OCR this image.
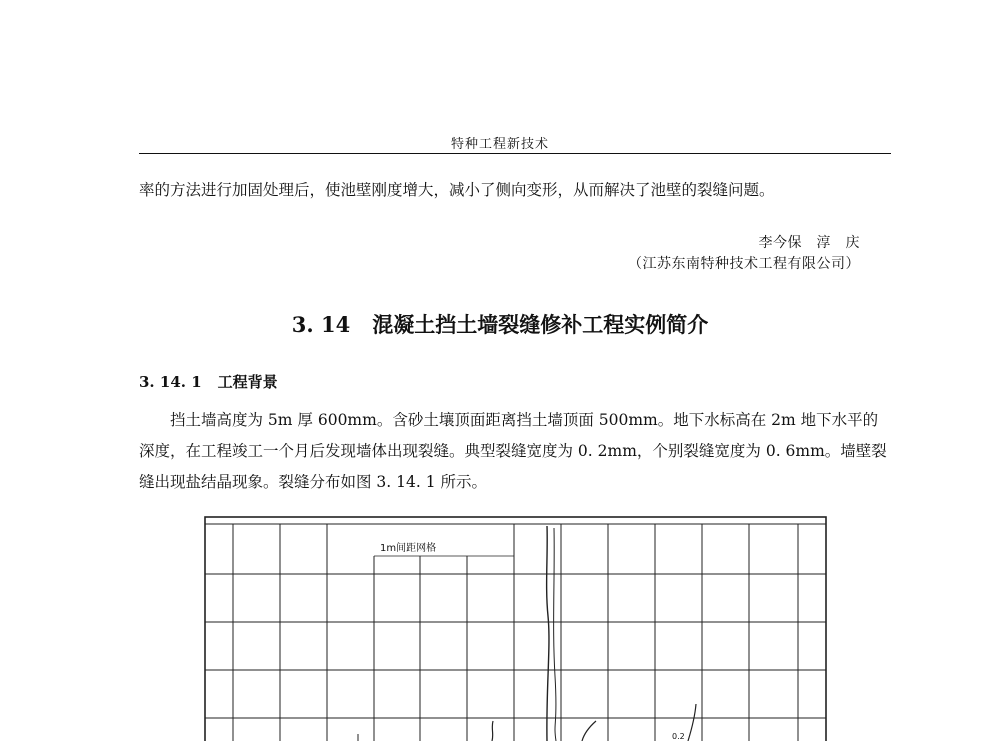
特种工程新技术

率的方法进行加固处理后，使池壁刚度增大，减小了侧向变形，从而解决了池壁的裂缝问题。

李今保　淳　庆
（江苏东南特种技术工程有限公司）
3. 14 混凝土挡土墙裂缝修补工程实例简介
3. 14. 1 工程背景

挡土墙高度为 5m 厚 600mm。含砂土壤顶面距离挡土墙顶面 500mm。地下水标高在 2m 地下水平的深度，在工程竣工一个月后发现墙体出现裂缝。典型裂缝宽度为 0. 2mm，个别裂缝宽度为 0. 6mm。墙壁裂缝出现盐结晶现象。裂缝分布如图 3. 14. 1 所示。

1m间距网格
0.2
